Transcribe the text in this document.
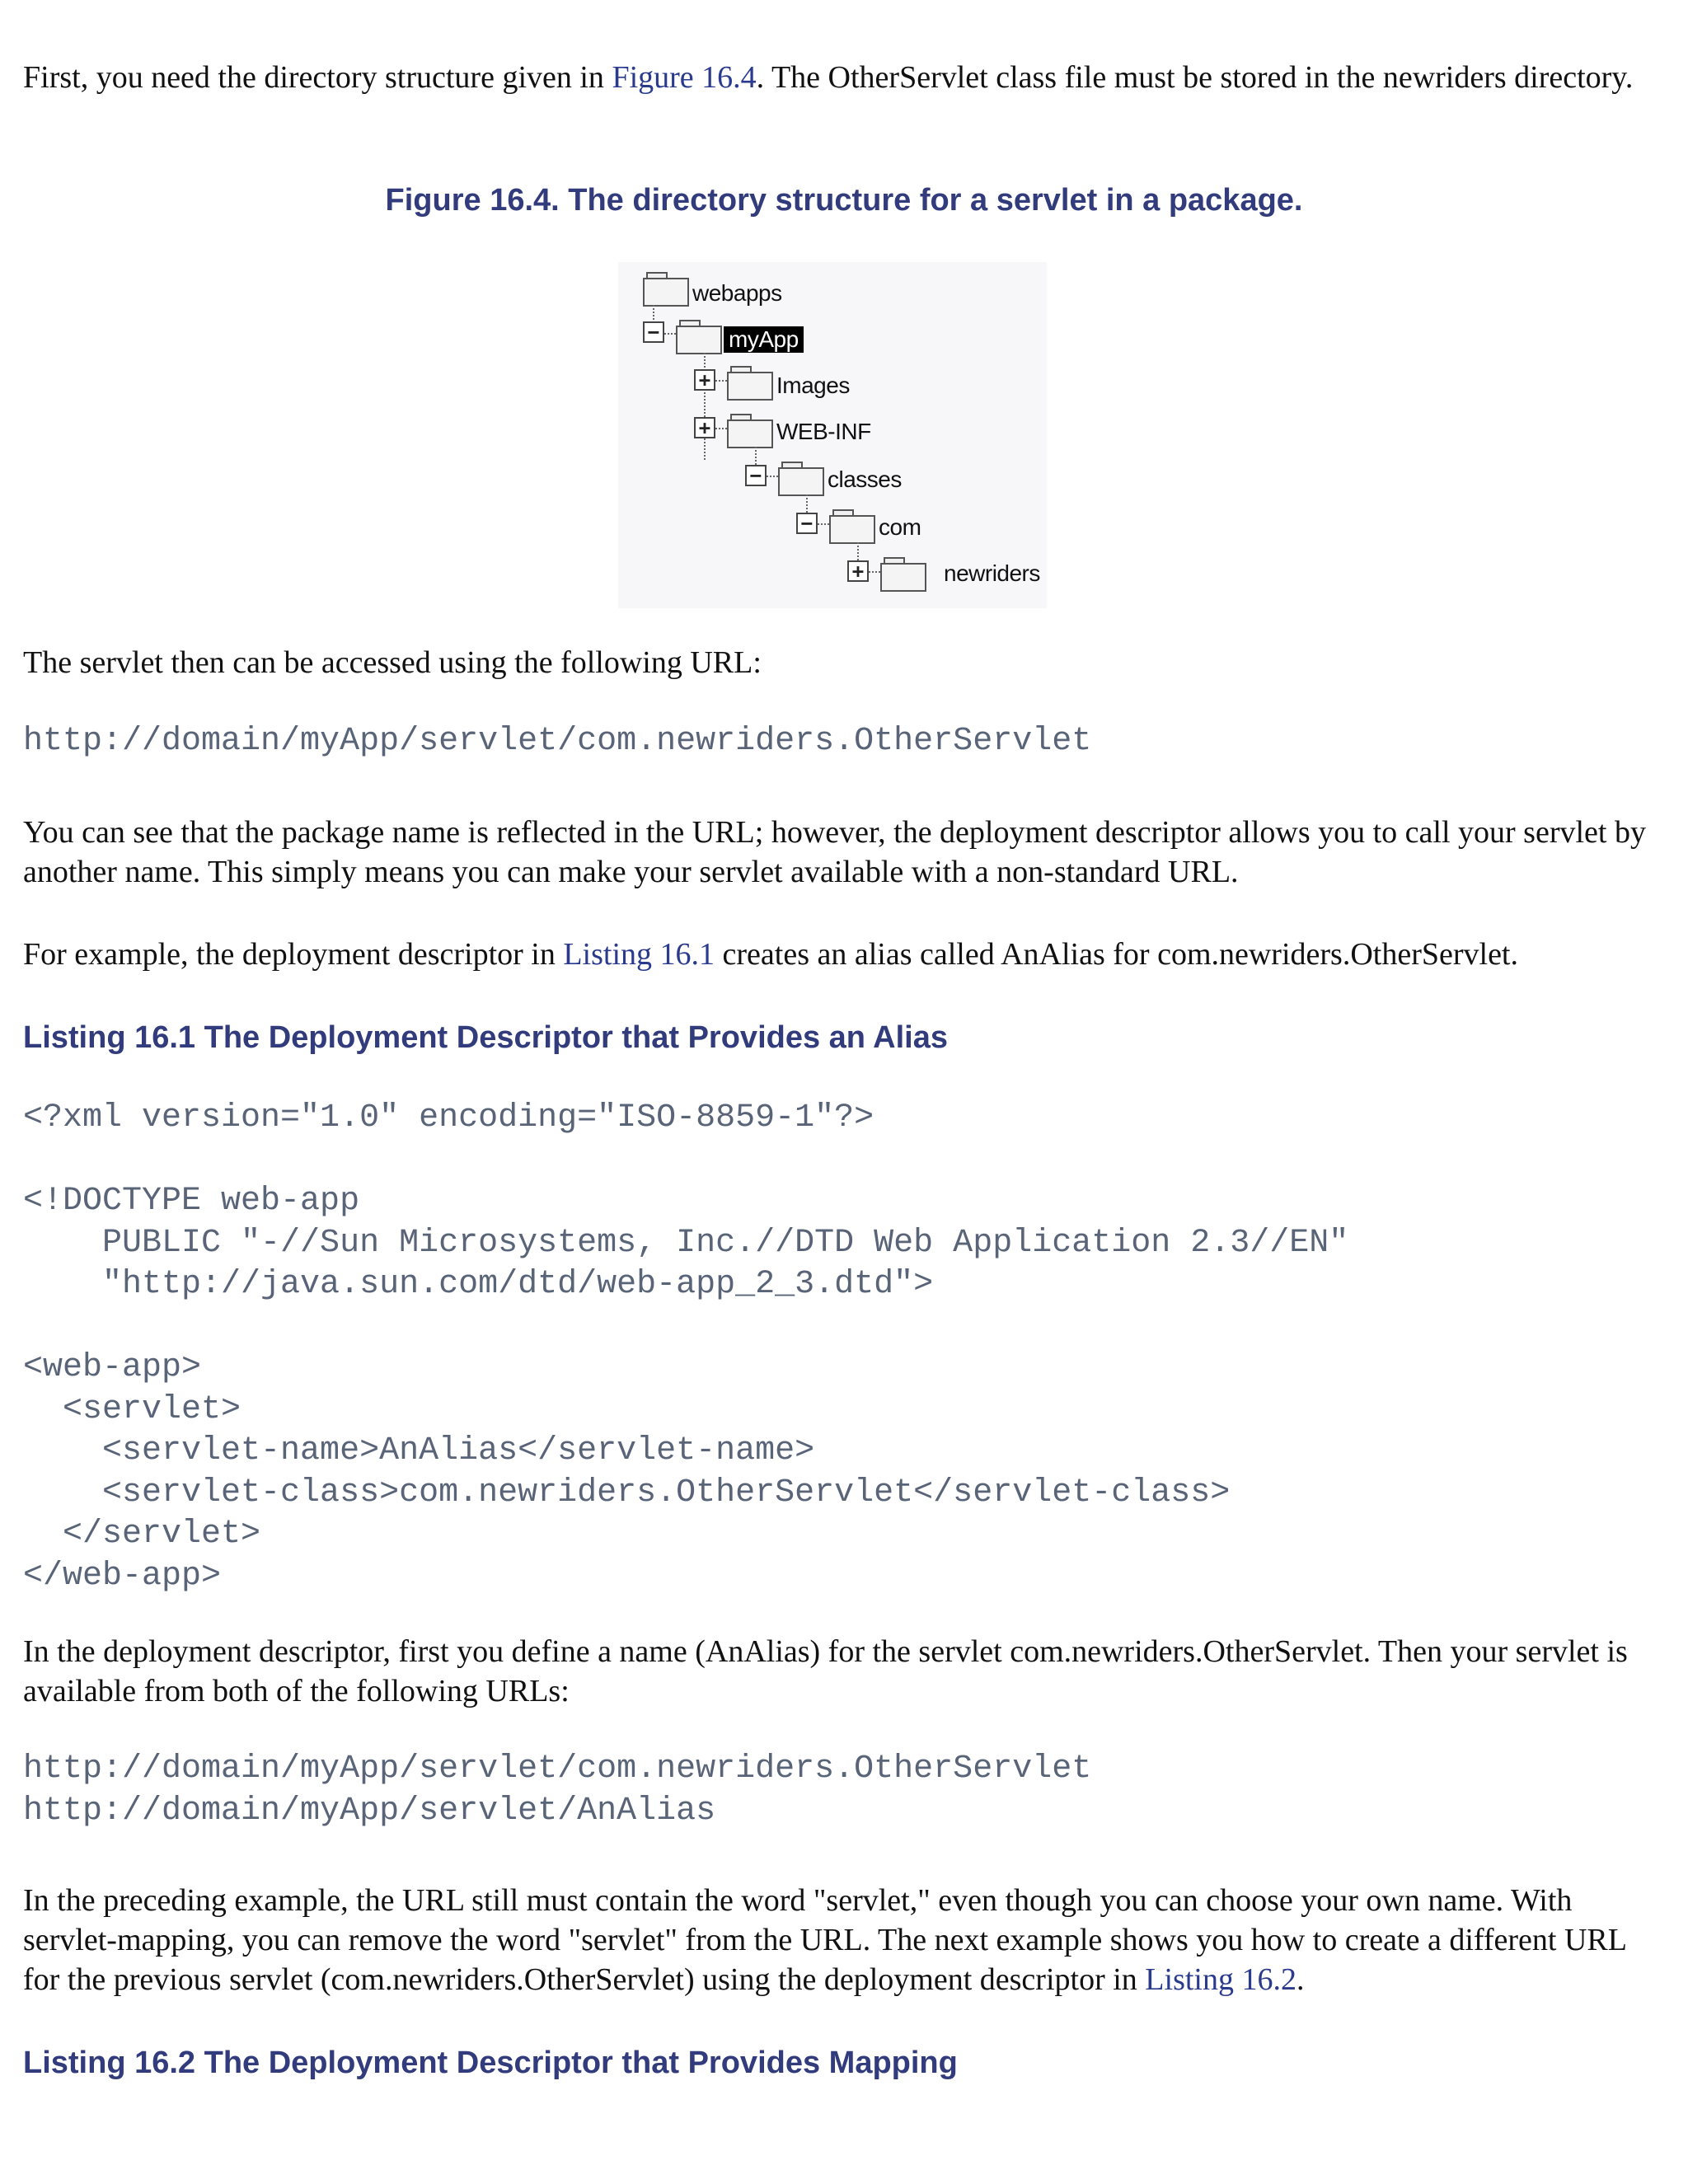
First, you need the directory structure given in Figure 16.4. The OtherServlet class file must be stored in the newriders directory.

Figure 16.4. The directory structure for a servlet in a package.

The servlet then can be accessed using the following URL:

http://domain/myApp/servlet/com.newriders.OtherServlet

You can see that the package name is reflected in the URL; however, the deployment descriptor allows you to call your servlet by another name. This simply means you can make your servlet available with a non-standard URL.

For example, the deployment descriptor in Listing 16.1 creates an alias called AnAlias for com.newriders.OtherServlet.

Listing 16.1 The Deployment Descriptor that Provides an Alias
<?xml version="1.0" encoding="ISO-8859-1"?>

<!DOCTYPE web-app
PUBLIC "-//Sun Microsystems, Inc.//DTD Web Application 2.3//EN"
"http://java.sun.com/dtd/web-app_2_3.dtd">

<web-app>
<servlet>
<servlet-name>AnAlias</servlet-name>
<servlet-class>com.newriders.OtherServlet</servlet-class>
</servlet>
</web-app>

In the deployment descriptor, first you define a name (AnAlias) for the servlet com.newriders.OtherServlet. Then your servlet is available from both of the following URLs:

http://domain/myApp/servlet/com.newriders.OtherServlet
http://domain/myApp/servlet/AnAlias

In the preceding example, the URL still must contain the word "servlet," even though you can choose your own name. With servlet-mapping, you can remove the word "servlet" from the URL. The next example shows you how to create a different URL for the previous servlet (com.newriders.OtherServlet) using the deployment descriptor in Listing 16.2.

Listing 16.2 The Deployment Descriptor that Provides Mapping
webapps
−	myApp
+	Images
+	WEB-INF
−	classes
−	com
+	newriders
